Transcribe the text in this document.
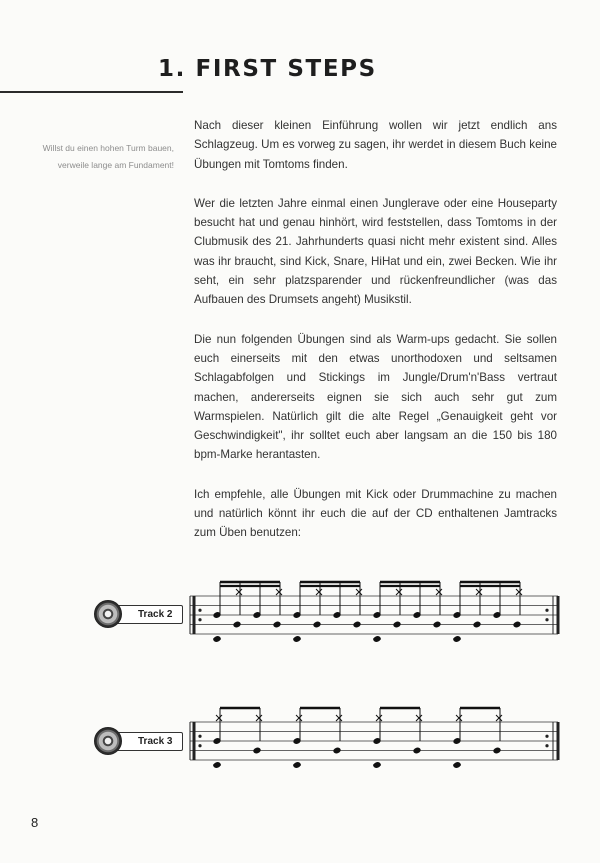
1. FIRST STEPS
Willst du einen hohen Turm bauen, verweile lange am Fundament!

Nach dieser kleinen Einführung wollen wir jetzt endlich ans Schlagzeug. Um es vorweg zu sagen, ihr werdet in diesem Buch keine Übungen mit Tomtoms finden.

Wer die letzten Jahre einmal einen Junglerave oder eine Houseparty besucht hat und genau hinhört, wird feststellen, dass Tomtoms in der Clubmusik des 21. Jahrhunderts quasi nicht mehr existent sind. Alles was ihr braucht, sind Kick, Snare, HiHat und ein, zwei Becken. Wie ihr seht, ein sehr platzsparender und rückenfreundlicher (was das Aufbauen des Drumsets angeht) Musikstil.

Die nun folgenden Übungen sind als Warm-ups gedacht. Sie sollen euch einerseits mit den etwas unorthodoxen und seltsamen Schlagabfolgen und Stickings im Jungle/Drum'n'Bass vertraut machen, andererseits eignen sie sich auch sehr gut zum Warmspielen. Natürlich gilt die alte Regel „Genauigkeit geht vor Geschwindigkeit", ihr solltet euch aber langsam an die 150 bis 180 bpm-Marke herantasten.

Ich empfehle, alle Übungen mit Kick oder Drummachine zu machen und natürlich könnt ihr euch die auf der CD enthaltenen Jamtracks zum Üben benutzen:

Track 2
Track 3
8
